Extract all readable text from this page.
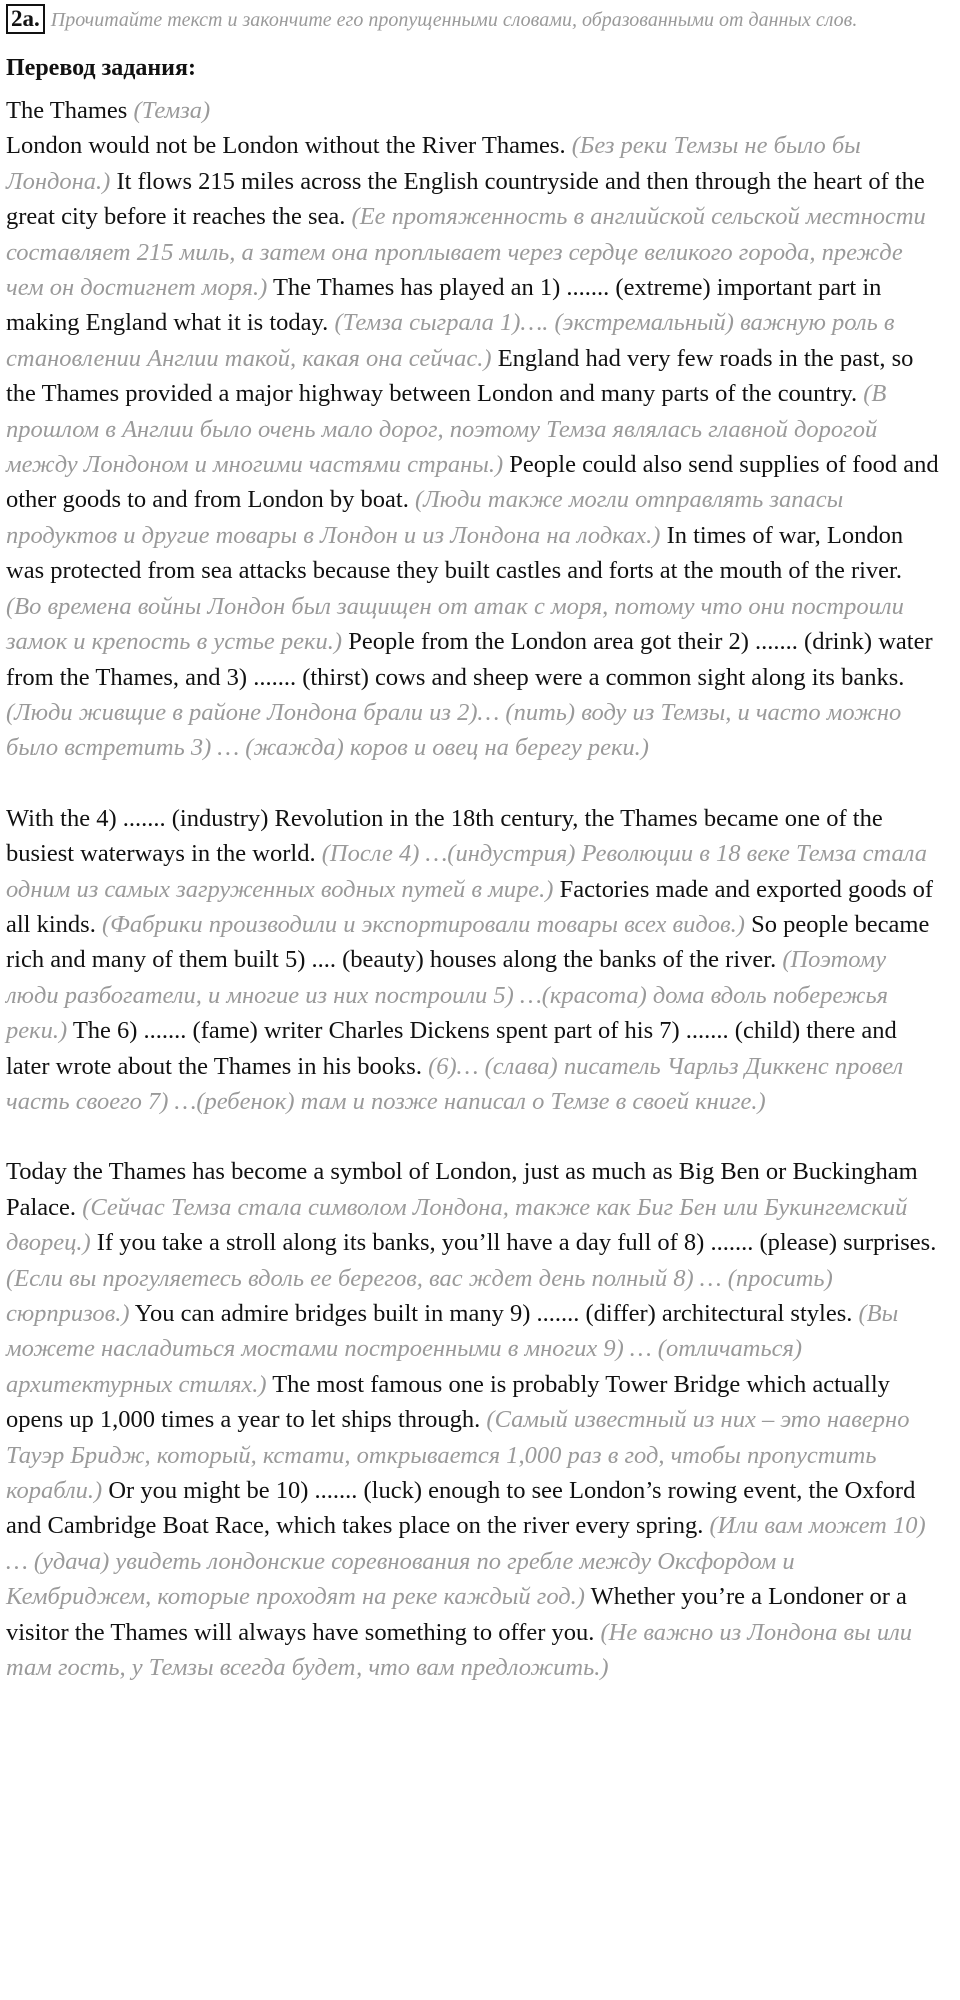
2a. Прочитайте текст и закончите его пропущенными словами, образованными от данных слов.
Перевод задания:
The Thames (Темза)

London would not be London without the River Thames. (Без реки Темзы не было бы Лондона.) It flows 215 miles across the English countryside and then through the heart of the great city before it reaches the sea. (Ее протяженность в английской сельской местности составляет 215 миль, а затем она проплывает через сердце великого города, прежде чем он достигнет моря.) The Thames has played an 1) ....... (extreme) important part in making England what it is today. (Темза сыграла 1)…. (экстремальный) важную роль в становлении Англии такой, какая она сейчас.) England had very few roads in the past, so the Thames provided a major highway between London and many parts of the country. (В прошлом в Англии было очень мало дорог, поэтому Темза являлась главной дорогой между Лондоном и многими частями страны.) People could also send supplies of food and other goods to and from London by boat. (Люди также могли отправлять запасы продуктов и другие товары в Лондон и из Лондона на лодках.) In times of war, London was protected from sea attacks because they built castles and forts at the mouth of the river. (Во времена войны Лондон был защищен от атак с моря, потому что они построили замок и крепость в устье реки.) People from the London area got their 2) ....... (drink) water from the Thames, and 3) ....... (thirst) cows and sheep were a common sight along its banks. (Люди живщие в районе Лондона брали из 2)… (пить) воду из Темзы, и часто можно было встретить 3) … (жажда) коров и овец на берегу реки.)

With the 4) ....... (industry) Revolution in the 18th century, the Thames became one of the busiest waterways in the world. (После 4) …(индустрия) Революции в 18 веке Темза стала одним из самых загруженных водных путей в мире.) Factories made and exported goods of all kinds. (Фабрики производили и экспортировали товары всех видов.) So people became rich and many of them built 5) .... (beauty) houses along the banks of the river. (Поэтому люди разбогатели, и многие из них построили 5) …(красота) дома вдоль побережья реки.) The 6) ....... (fame) writer Charles Dickens spent part of his 7) ....... (child) there and later wrote about the Thames in his books. (6)… (слава) писатель Чарльз Диккенс провел часть своего 7) …(ребенок) там и позже написал о Темзе в своей книге.)

Today the Thames has become a symbol of London, just as much as Big Ben or Buckingham Palace. (Сейчас Темза стала символом Лондона, также как Биг Бен или Букингемский дворец.) If you take a stroll along its banks, you’ll have a day full of 8) ....... (please) surprises. (Если вы прогуляетесь вдоль ее берегов, вас ждет день полный 8) … (просить) сюрпризов.) You can admire bridges built in many 9) ....... (differ) architectural styles. (Вы можете насладиться мостами построенными в многих 9) … (отличаться) архитектурных стилях.) The most famous one is probably Tower Bridge which actually opens up 1,000 times a year to let ships through. (Самый известный из них – это наверно Тауэр Бридж, который, кстати, открывается 1,000 раз в год, чтобы пропустить корабли.) Or you might be 10) ....... (luck) enough to see London’s rowing event, the Oxford and Cambridge Boat Race, which takes place on the river every spring. (Или вам может 10) … (удача) увидеть лондонские соревнования по гребле между Оксфордом и Кембриджем, которые проходят на реке каждый год.) Whether you’re a Londoner or a visitor the Thames will always have something to offer you. (Не важно из Лондона вы или там гость, у Темзы всегда будет, что вам предложить.)
